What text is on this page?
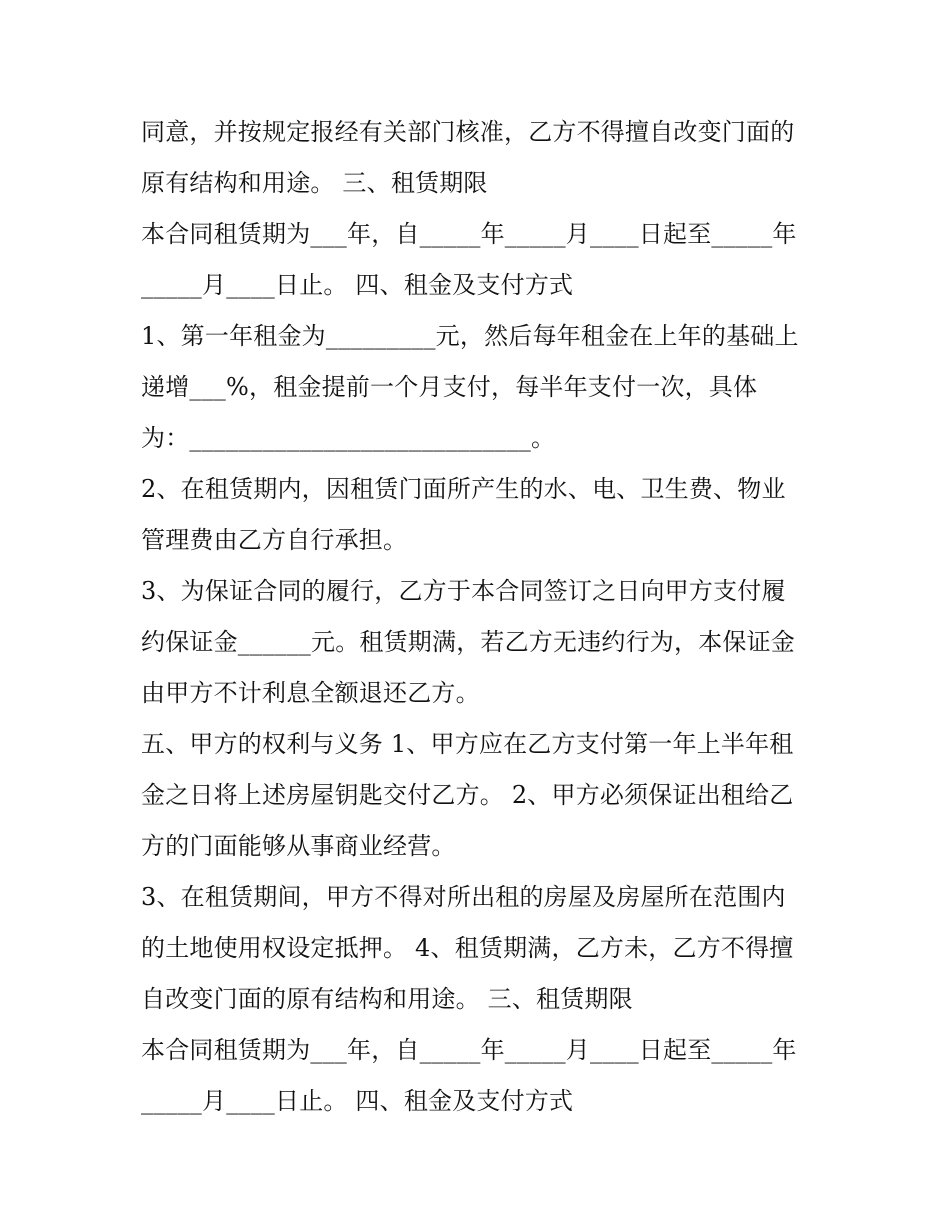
同意，并按规定报经有关部门核准，乙方不得擅自改变门面的
原有结构和用途。 三、租赁期限
本合同租赁期为___年，自_____年_____月____日起至_____年
_____月____日止。 四、租金及支付方式
1、第一年租金为_________元，然后每年租金在上年的基础上
递增___%，租金提前一个月支付，每半年支付一次，具体
为：____________________________。
2、在租赁期内，因租赁门面所产生的水、电、卫生费、物业
管理费由乙方自行承担。
3、为保证合同的履行，乙方于本合同签订之日向甲方支付履
约保证金______元。租赁期满，若乙方无违约行为，本保证金
由甲方不计利息全额退还乙方。
五、甲方的权利与义务 1、甲方应在乙方支付第一年上半年租
金之日将上述房屋钥匙交付乙方。 2、甲方必须保证出租给乙
方的门面能够从事商业经营。
3、在租赁期间，甲方不得对所出租的房屋及房屋所在范围内
的土地使用权设定抵押。 4、租赁期满，乙方未，乙方不得擅
自改变门面的原有结构和用途。 三、租赁期限
本合同租赁期为___年，自_____年_____月____日起至_____年
_____月____日止。 四、租金及支付方式
